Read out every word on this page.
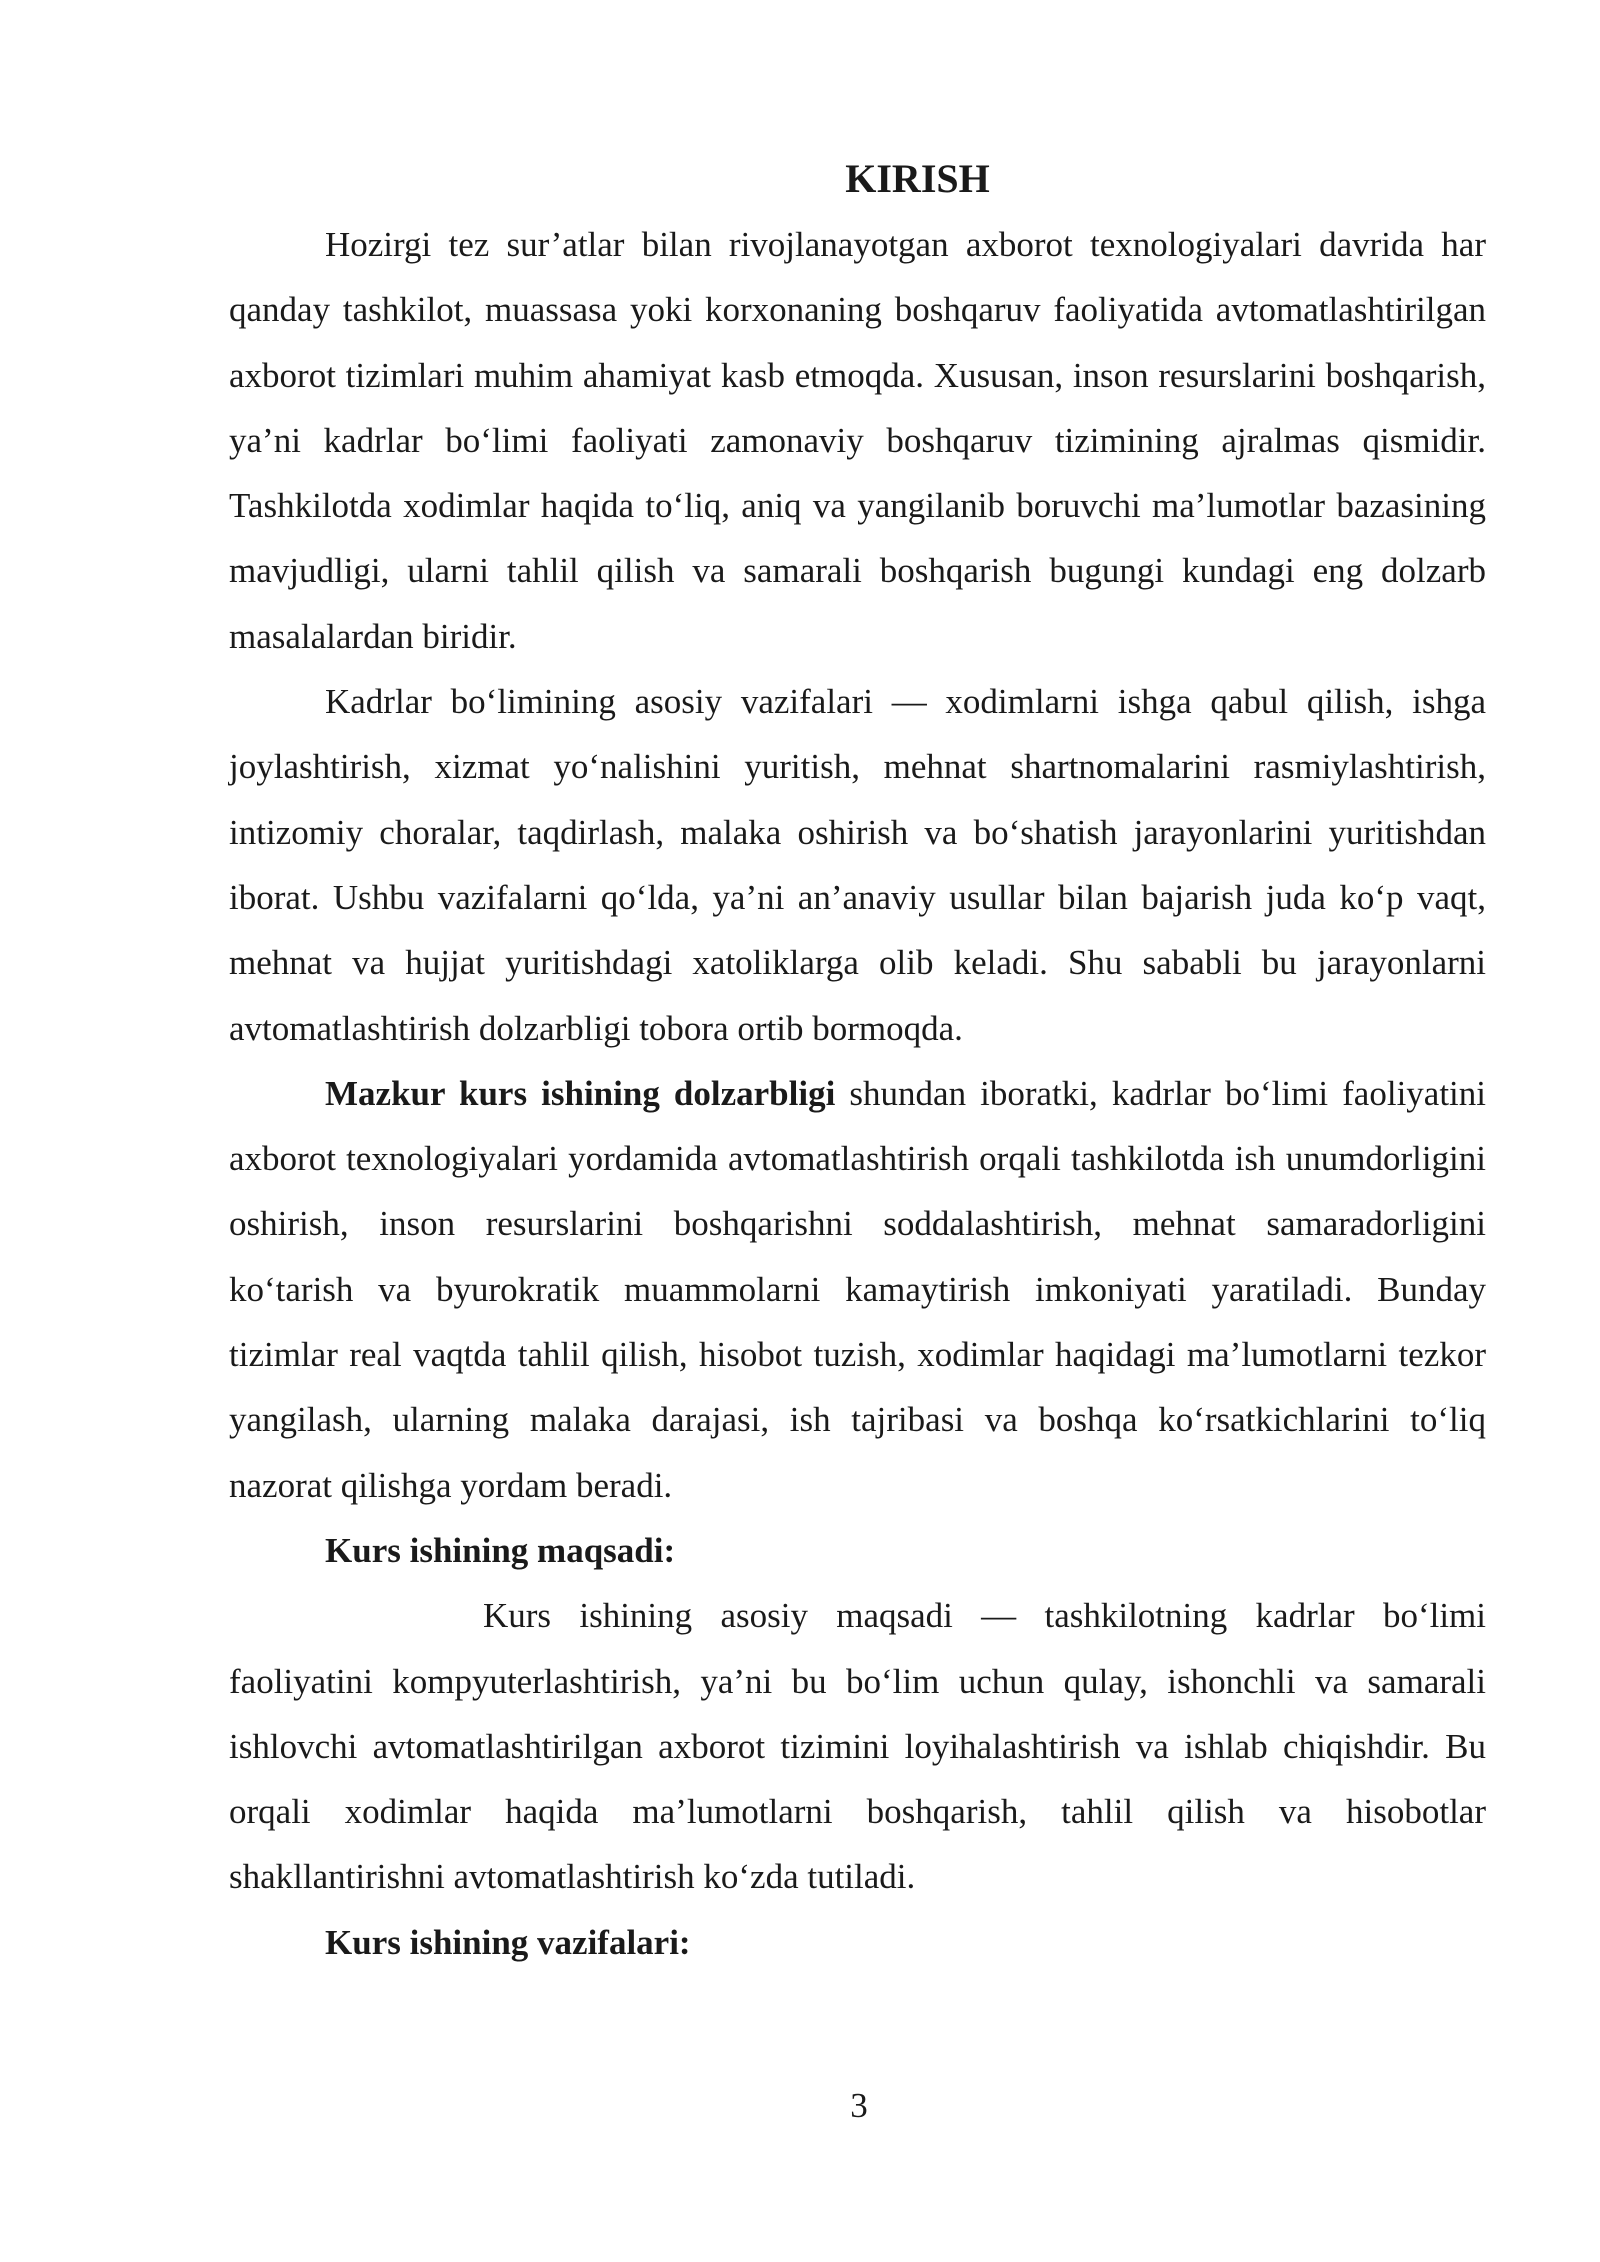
KIRISH

Hozirgi tez sur’atlar bilan rivojlanayotgan axborot texnologiyalari davrida har qanday tashkilot, muassasa yoki korxonaning boshqaruv faoliyatida avtomatlashtirilgan axborot tizimlari muhim ahamiyat kasb etmoqda. Xususan, inson resurslarini boshqarish, ya’ni kadrlar bo‘limi faoliyati zamonaviy boshqaruv tizimining ajralmas qismidir. Tashkilotda xodimlar haqida to‘liq, aniq va yangilanib boruvchi ma’lumotlar bazasining mavjudligi, ularni tahlil qilish va samarali boshqarish bugungi kundagi eng dolzarb masalalardan biridir.

Kadrlar bo‘limining asosiy vazifalari — xodimlarni ishga qabul qilish, ishga joylashtirish, xizmat yo‘nalishini yuritish, mehnat shartnomalarini rasmiylashtirish, intizomiy choralar, taqdirlash, malaka oshirish va bo‘shatish jarayonlarini yuritishdan iborat. Ushbu vazifalarni qo‘lda, ya’ni an’anaviy usullar bilan bajarish juda ko‘p vaqt, mehnat va hujjat yuritishdagi xatoliklarga olib keladi. Shu sababli bu jarayonlarni avtomatlashtirish dolzarbligi tobora ortib bormoqda.

Mazkur kurs ishining dolzarbligi shundan iboratki, kadrlar bo‘limi faoliyatini axborot texnologiyalari yordamida avtomatlashtirish orqali tashkilotda ish unumdorligini oshirish, inson resurslarini boshqarishni soddalashtirish, mehnat samaradorligini ko‘tarish va byurokratik muammolarni kamaytirish imkoniyati yaratiladi. Bunday tizimlar real vaqtda tahlil qilish, hisobot tuzish, xodimlar haqidagi ma’lumotlarni tezkor yangilash, ularning malaka darajasi, ish tajribasi va boshqa ko‘rsatkichlarini to‘liq nazorat qilishga yordam beradi.

Kurs ishining maqsadi:

Kurs ishining asosiy maqsadi — tashkilotning kadrlar bo‘limi faoliyatini kompyuterlashtirish, ya’ni bu bo‘lim uchun qulay, ishonchli va samarali ishlovchi avtomatlashtirilgan axborot tizimini loyihalashtirish va ishlab chiqishdir. Bu orqali xodimlar haqida ma’lumotlarni boshqarish, tahlil qilish va hisobotlar shakllantirishni avtomatlashtirish ko‘zda tutiladi.

Kurs ishining vazifalari:

3
